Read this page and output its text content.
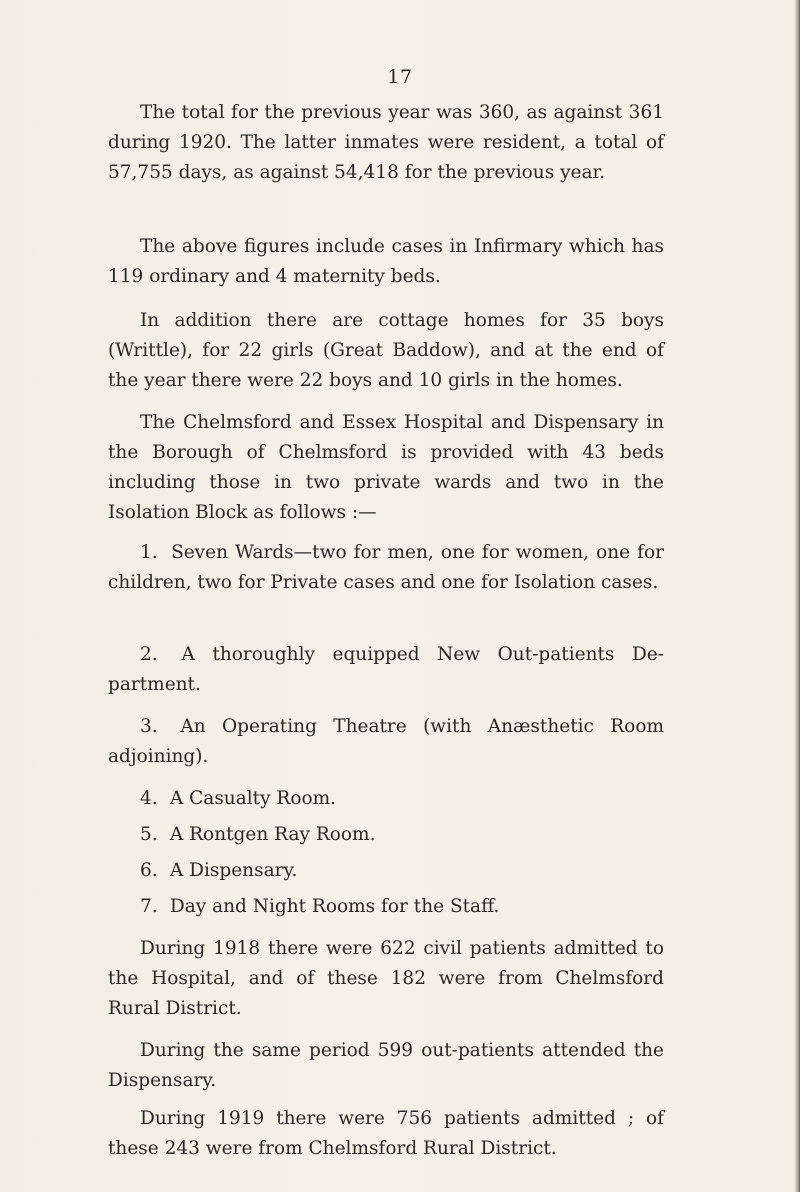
17

The total for the previous year was 360, as against 361 during 1920. The latter inmates were resident, a total of 57,755 days, as against 54,418 for the previous year.

The above figures include cases in Infirmary which has 119 ordinary and 4 maternity beds.

In addition there are cottage homes for 35 boys (Writtle), for 22 girls (Great Baddow), and at the end of the year there were 22 boys and 10 girls in the homes.

The Chelmsford and Essex Hospital and Dispensary in the Borough of Chelmsford is provided with 43 beds including those in two private wards and two in the Isolation Block as follows :—

1. Seven Wards—two for men, one for women, one for children, two for Private cases and one for Isolation cases.

2. A thoroughly equipped New Out-patients De- partment.

3. An Operating Theatre (with Anæsthetic Room adjoining).

4. A Casualty Room.

5. A Rontgen Ray Room.

6. A Dispensary.

7. Day and Night Rooms for the Staff.

During 1918 there were 622 civil patients admitted to the Hospital, and of these 182 were from Chelmsford Rural District.

During the same period 599 out-patients attended the Dispensary.

During 1919 there were 756 patients admitted ; of these 243 were from Chelmsford Rural District.
